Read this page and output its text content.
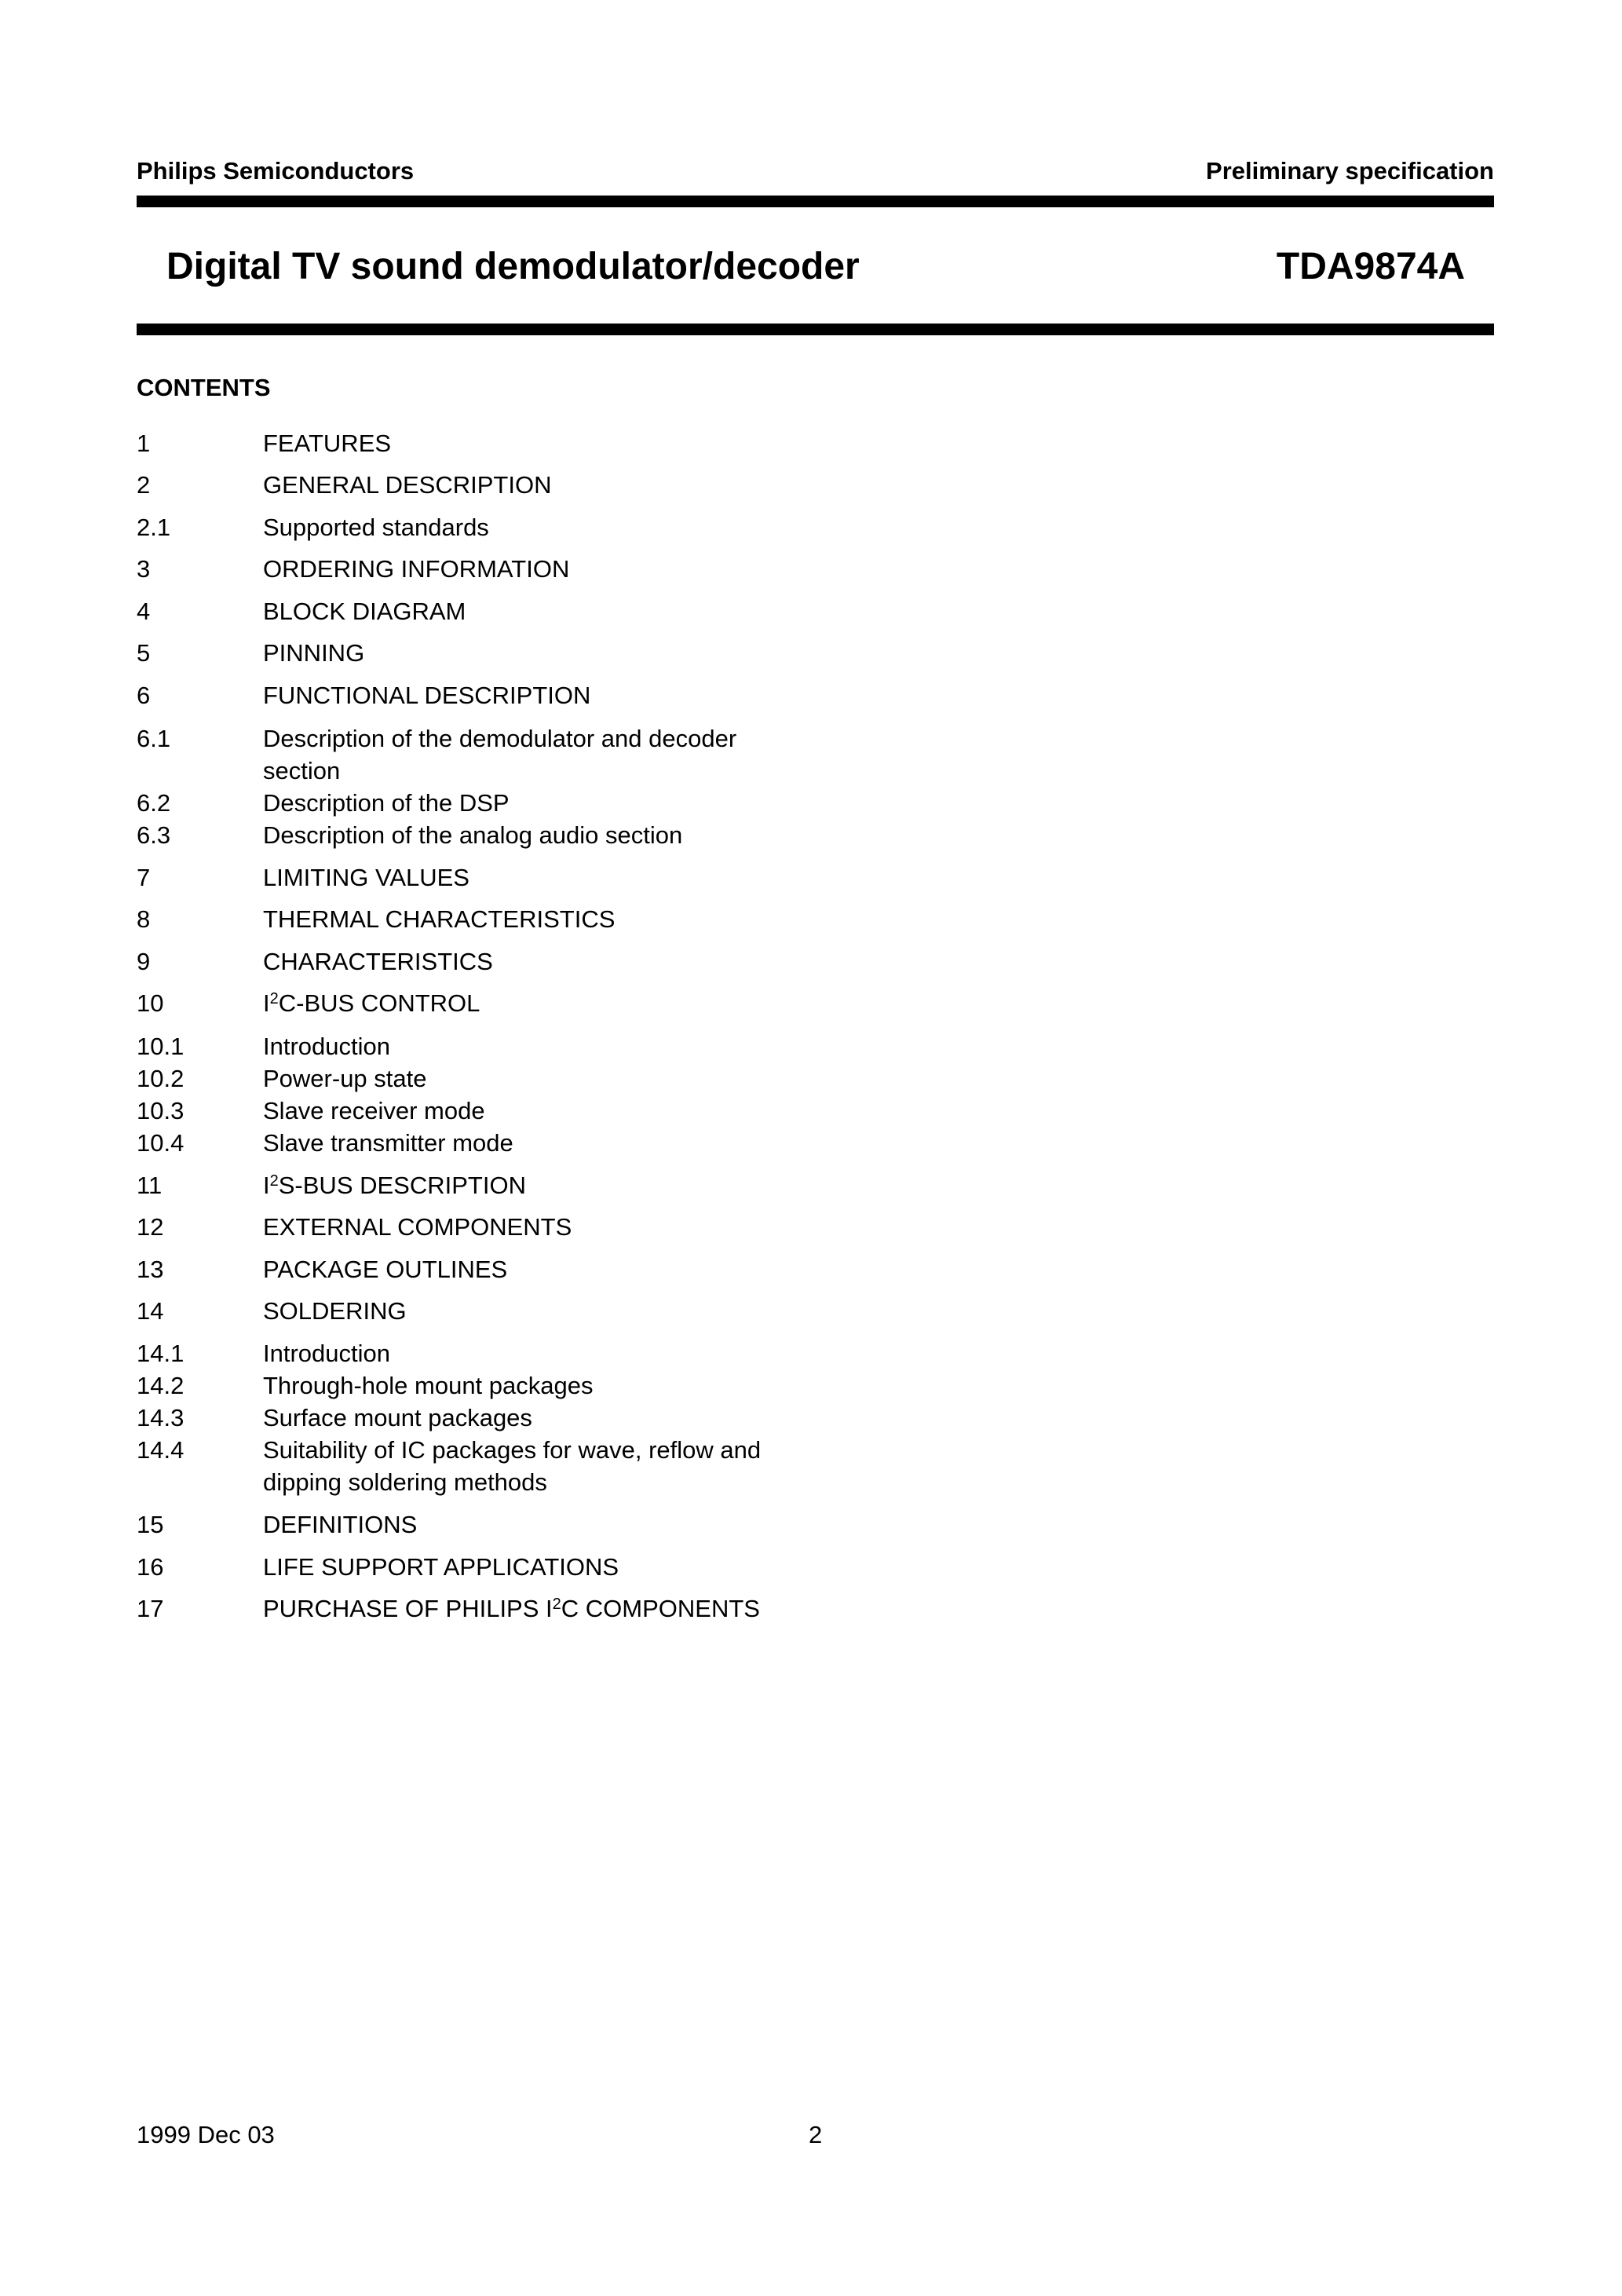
Philips Semiconductors	Preliminary specification
Digital TV sound demodulator/decoder	TDA9874A
CONTENTS
1	FEATURES
2	GENERAL DESCRIPTION
2.1	Supported standards
3	ORDERING INFORMATION
4	BLOCK DIAGRAM
5	PINNING
6	FUNCTIONAL DESCRIPTION
6.1	Description of the demodulator and decoder
section
6.2	Description of the DSP
6.3	Description of the analog audio section
7	LIMITING VALUES
8	THERMAL CHARACTERISTICS
9	CHARACTERISTICS
10	$I^2C$-BUS CONTROL
10.1	Introduction
10.2	Power-up state
10.3	Slave receiver mode
10.4	Slave transmitter mode
11	$I^2S$-BUS DESCRIPTION
12	EXTERNAL COMPONENTS
13	PACKAGE OUTLINES
14	SOLDERING
14.1	Introduction
14.2	Through-hole mount packages
14.3	Surface mount packages
14.4	Suitability of IC packages for wave, reflow and
dipping soldering methods
15	DEFINITIONS
16	LIFE SUPPORT APPLICATIONS
17	PURCHASE OF PHILIPS $I^2C$ COMPONENTS
1999 Dec 03	2
